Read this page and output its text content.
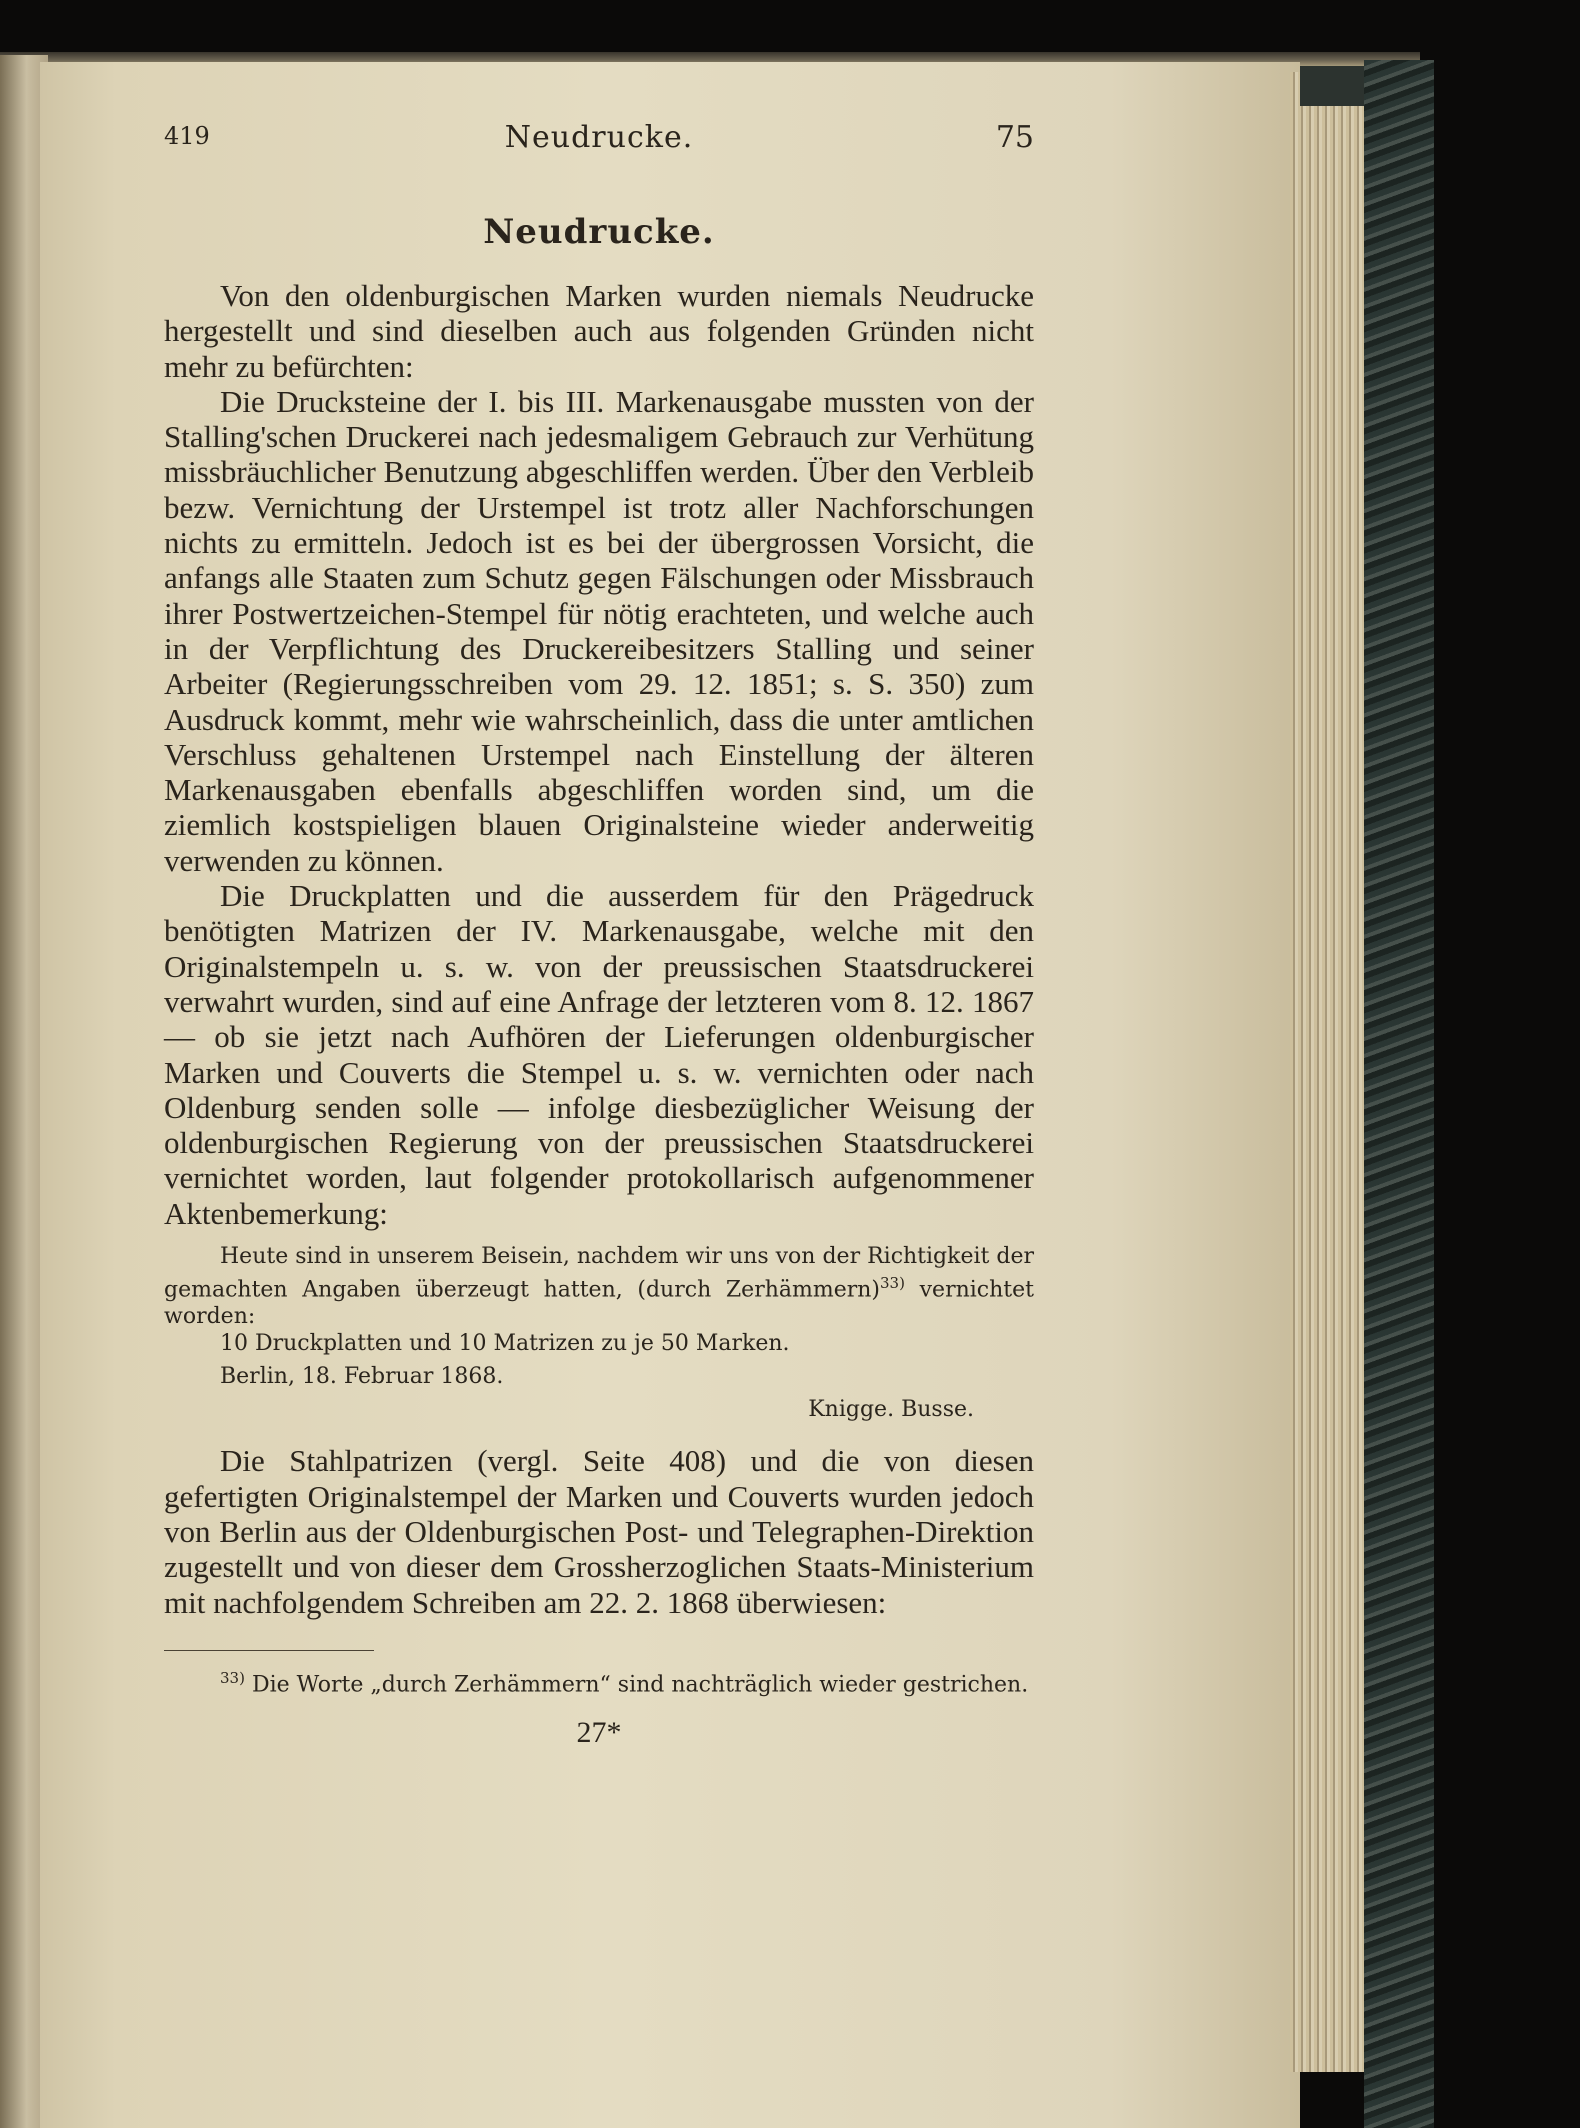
419	Neudrucke.	75
Neudrucke.

Von den oldenburgischen Marken wurden niemals Neudrucke hergestellt und sind dieselben auch aus folgenden Gründen nicht mehr zu befürchten:

Die Drucksteine der I. bis III. Markenausgabe mussten von der Stalling'schen Druckerei nach jedesmaligem Gebrauch zur Verhütung missbräuchlicher Benutzung abgeschliffen werden. Über den Verbleib bezw. Vernichtung der Urstempel ist trotz aller Nachforschungen nichts zu ermitteln. Jedoch ist es bei der übergrossen Vorsicht, die anfangs alle Staaten zum Schutz gegen Fälschungen oder Missbrauch ihrer Postwertzeichen-Stempel für nötig erachteten, und welche auch in der Verpflichtung des Druckereibesitzers Stalling und seiner Arbeiter (Regierungsschreiben vom 29. 12. 1851; s. S. 350) zum Ausdruck kommt, mehr wie wahrscheinlich, dass die unter amtlichen Verschluss gehaltenen Urstempel nach Einstellung der älteren Markenausgaben ebenfalls abgeschliffen worden sind, um die ziemlich kostspieligen blauen Originalsteine wieder anderweitig verwenden zu können.

Die Druckplatten und die ausserdem für den Prägedruck benötigten Matrizen der IV. Markenausgabe, welche mit den Originalstempeln u. s. w. von der preussischen Staatsdruckerei verwahrt wurden, sind auf eine Anfrage der letzteren vom 8. 12. 1867 — ob sie jetzt nach Aufhören der Lieferungen oldenburgischer Marken und Couverts die Stempel u. s. w. vernichten oder nach Oldenburg senden solle — infolge diesbezüglicher Weisung der oldenburgischen Regierung von der preussischen Staatsdruckerei vernichtet worden, laut folgender protokollarisch aufgenommener Aktenbemerkung:

Heute sind in unserem Beisein, nachdem wir uns von der Richtigkeit der gemachten Angaben überzeugt hatten, (durch Zerhämmern)$^{33)}$ vernichtet worden:

10 Druckplatten und 10 Matrizen zu je 50 Marken.

Berlin, 18. Februar 1868.

Knigge. Busse.

Die Stahlpatrizen (vergl. Seite 408) und die von diesen gefertigten Originalstempel der Marken und Couverts wurden jedoch von Berlin aus der Oldenburgischen Post- und Telegraphen-Direktion zugestellt und von dieser dem Grossherzoglichen Staats-Ministerium mit nachfolgendem Schreiben am 22. 2. 1868 überwiesen:

$^{33)}$ Die Worte „durch Zerhämmern“ sind nachträglich wieder gestrichen.

27*
